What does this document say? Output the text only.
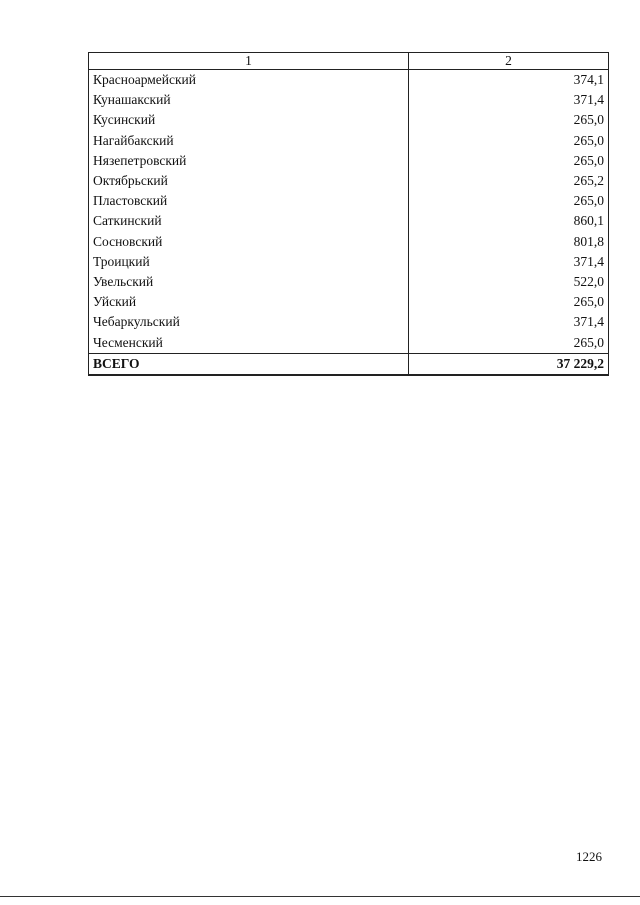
1	2
Красноармейский	374,1
Кунашакский	371,4
Кусинский	265,0
Нагайбакский	265,0
Нязепетровский	265,0
Октябрьский	265,2
Пластовский	265,0
Саткинский	860,1
Сосновский	801,8
Троицкий	371,4
Увельский	522,0
Уйский	265,0
Чебаркульский	371,4
Чесменский	265,0
ВСЕГО	37 229,2
1226
